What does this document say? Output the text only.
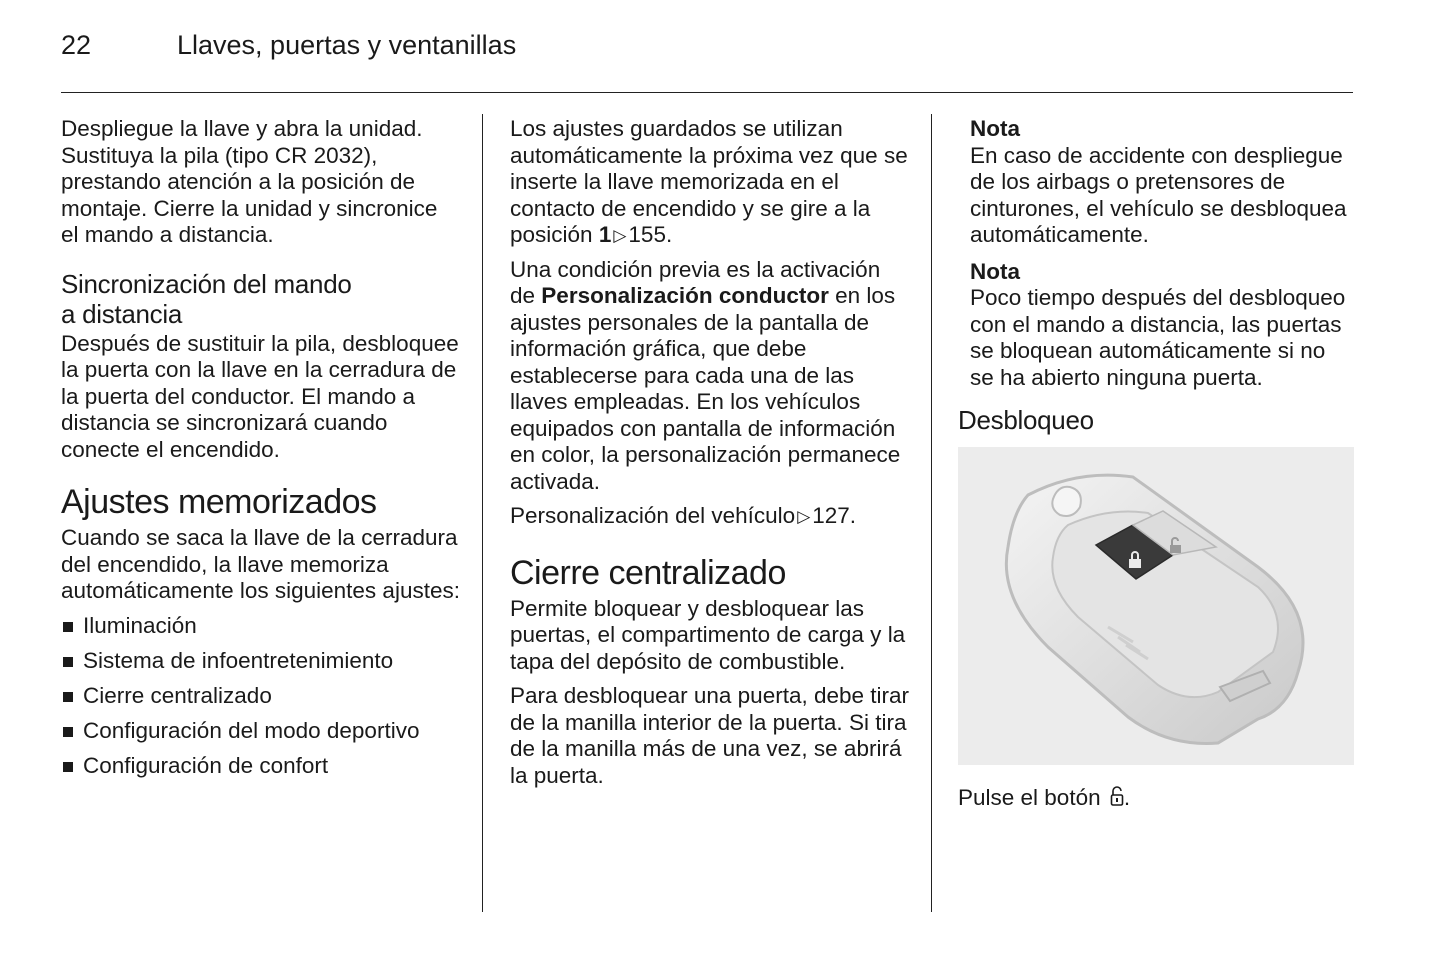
22	Llaves, puertas y ventanillas

Despliegue la llave y abra la unidad. Sustituya la pila (tipo CR 2032), prestando atención a la posición de montaje. Cierre la unidad y sincronice el mando a distancia.

Sincronización del mando
a distancia

Después de sustituir la pila, desbloquee la puerta con la llave en la cerradura de la puerta del conductor. El mando a distancia se sincronizará cuando conecte el encendido.

Ajustes memorizados

Cuando se saca la llave de la cerradura del encendido, la llave memoriza automáticamente los siguientes ajustes:

Iluminación
Sistema de infoentretenimiento
Cierre centralizado
Configuración del modo deportivo
Configuración de confort

Los ajustes guardados se utilizan automáticamente la próxima vez que se inserte la llave memorizada en el contacto de encendido y se gire a la posición 1 ▷155.

Una condición previa es la activación de Personalización conductor en los ajustes personales de la pantalla de información gráfica, que debe establecerse para cada una de las llaves empleadas. En los vehículos equipados con pantalla de información en color, la personalización permanece activada.

Personalización del vehículo ▷127.

Cierre centralizado

Permite bloquear y desbloquear las puertas, el compartimento de carga y la tapa del depósito de combustible.

Para desbloquear una puerta, debe tirar de la manilla interior de la puerta. Si tira de la manilla más de una vez, se abrirá la puerta.

Nota
En caso de accidente con despliegue de los airbags o pretensores de cinturones, el vehículo se desbloquea automáticamente.
Nota
Poco tiempo después del desbloqueo con el mando a distancia, las puertas se bloquean automáticamente si no se ha abierto ninguna puerta.
Desbloqueo

Pulse el botón .
